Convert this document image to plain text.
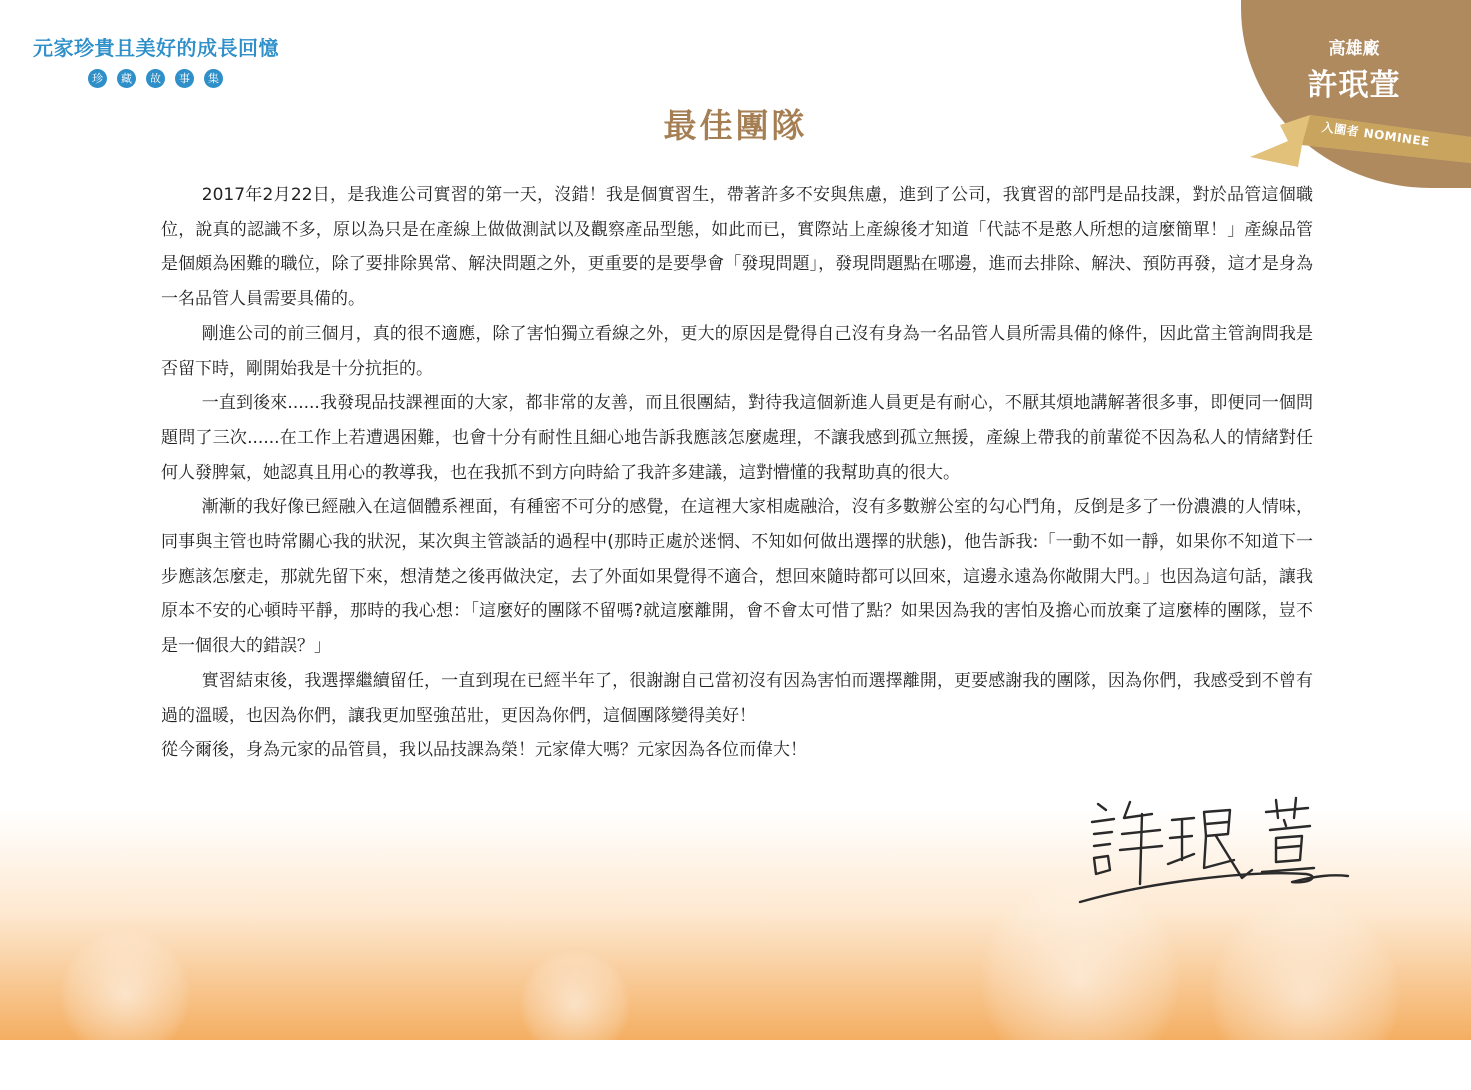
元家珍貴且美好的成長回憶
珍	藏	故	事	集
高雄廠
許珉萱
入圍者 NOMINEE
最佳團隊

2017年2月22日，是我進公司實習的第一天，沒錯！我是個實習生，帶著許多不安與焦慮，進到了公司，我實習的部門是品技課，對於品管這個職位，說真的認識不多，原以為只是在產線上做做測試以及觀察產品型態，如此而已，實際站上產線後才知道「代誌不是憨人所想的這麼簡單！」產線品管是個頗為困難的職位，除了要排除異常、解決問題之外，更重要的是要學會「發現問題」，發現問題點在哪邊，進而去排除、解決、預防再發，這才是身為一名品管人員需要具備的。

剛進公司的前三個月，真的很不適應，除了害怕獨立看線之外，更大的原因是覺得自己沒有身為一名品管人員所需具備的條件，因此當主管詢問我是否留下時，剛開始我是十分抗拒的。

一直到後來......我發現品技課裡面的大家，都非常的友善，而且很團結，對待我這個新進人員更是有耐心，不厭其煩地講解著很多事，即便同一個問題問了三次......在工作上若遭遇困難，也會十分有耐性且細心地告訴我應該怎麼處理，不讓我感到孤立無援，產線上帶我的前輩從不因為私人的情緒對任何人發脾氣，她認真且用心的教導我，也在我抓不到方向時給了我許多建議，這對懵懂的我幫助真的很大。

漸漸的我好像已經融入在這個體系裡面，有種密不可分的感覺，在這裡大家相處融洽，沒有多數辦公室的勾心鬥角，反倒是多了一份濃濃的人情味，同事與主管也時常關心我的狀況，某次與主管談話的過程中(那時正處於迷惘、不知如何做出選擇的狀態)，他告訴我:「一動不如一靜，如果你不知道下一步應該怎麼走，那就先留下來，想清楚之後再做決定，去了外面如果覺得不適合，想回來隨時都可以回來，這邊永遠為你敞開大門。」也因為這句話，讓我原本不安的心頓時平靜，那時的我心想：「這麼好的團隊不留嗎?就這麼離開，會不會太可惜了點？如果因為我的害怕及擔心而放棄了這麼棒的團隊，豈不是一個很大的錯誤？」

實習結束後，我選擇繼續留任，一直到現在已經半年了，很謝謝自己當初沒有因為害怕而選擇離開，更要感謝我的團隊，因為你們，我感受到不曾有過的溫暖，也因為你們，讓我更加堅強茁壯，更因為你們，這個團隊變得美好！

從今爾後，身為元家的品管員，我以品技課為榮！元家偉大嗎？元家因為各位而偉大！
